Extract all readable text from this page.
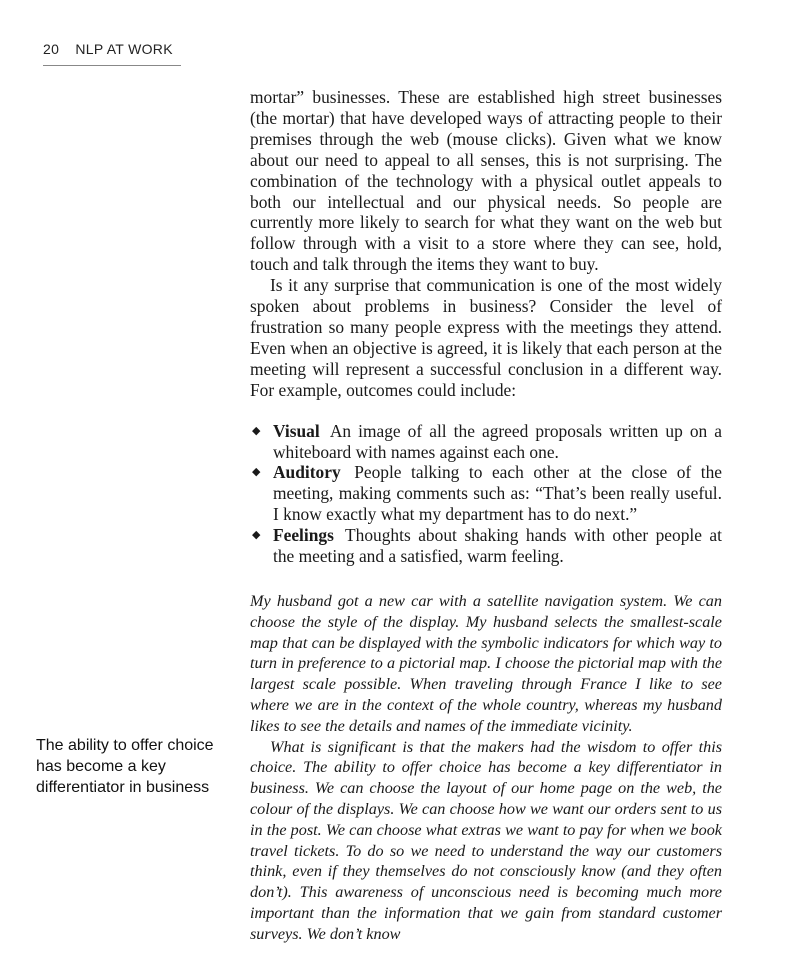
20 NLP AT WORK
The ability to offer choice
has become a key
differentiator in business

mortar” businesses. These are established high street businesses (the mortar) that have developed ways of attracting people to their premises through the web (mouse clicks). Given what we know about our need to appeal to all senses, this is not surprising. The combination of the technology with a physical outlet appeals to both our intellectual and our physical needs. So people are currently more likely to search for what they want on the web but follow through with a visit to a store where they can see, hold, touch and talk through the items they want to buy.

Is it any surprise that communication is one of the most widely spoken about problems in business? Consider the level of frustration so many people express with the meetings they attend. Even when an objective is agreed, it is likely that each person at the meeting will represent a successful conclusion in a different way. For example, outcomes could include:

◆ Visual An image of all the agreed proposals written up on a whiteboard with names against each one.
◆ Auditory People talking to each other at the close of the meeting, making comments such as: “That’s been really useful. I know exactly what my department has to do next.”
◆ Feelings Thoughts about shaking hands with other people at the meeting and a satisfied, warm feeling.

My husband got a new car with a satellite navigation system. We can choose the style of the display. My husband selects the smallest-scale map that can be displayed with the symbolic indicators for which way to turn in preference to a pictorial map. I choose the pictorial map with the largest scale possible. When traveling through France I like to see where we are in the context of the whole country, whereas my husband likes to see the details and names of the immediate vicinity.

What is significant is that the makers had the wisdom to offer this choice. The ability to offer choice has become a key differentiator in business. We can choose the layout of our home page on the web, the colour of the displays. We can choose how we want our orders sent to us in the post. We can choose what extras we want to pay for when we book travel tickets. To do so we need to understand the way our customers think, even if they themselves do not consciously know (and they often don’t). This awareness of unconscious need is becoming much more important than the information that we gain from standard customer surveys. We don’t know
